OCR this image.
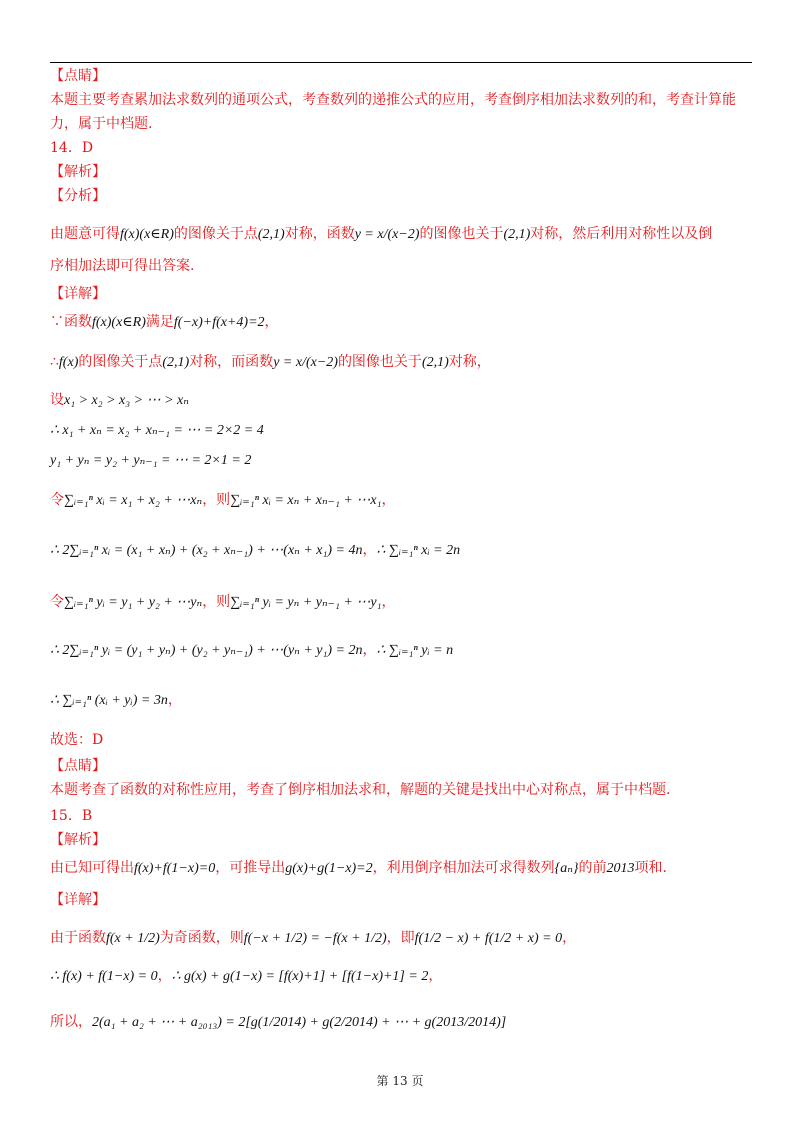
【点睛】
本题主要考查累加法求数列的通项公式，考查数列的递推公式的应用，考查倒序相加法求数列的和，考查计算能
力，属于中档题.
14．D
【解析】
【分析】
由题意可得f(x)(x∈R)的图像关于点(2,1)对称，函数y = x/(x−2)的图像也关于(2,1)对称，然后利用对称性以及倒
序相加法即可得出答案.
【详解】
∵函数f(x)(x∈R)满足f(−x)+f(x+4)=2，
∴f(x)的图像关于点(2,1)对称，而函数y = x/(x−2)的图像也关于(2,1)对称，
设x₁ > x₂ > x₃ > ⋯ > xₙ
∴ x₁ + xₙ = x₂ + xₙ₋₁ = ⋯ = 2×2 = 4
y₁ + yₙ = y₂ + yₙ₋₁ = ⋯ = 2×1 = 2
令∑ᵢ₌₁ⁿ xᵢ = x₁ + x₂ + ⋯xₙ，则∑ᵢ₌₁ⁿ xᵢ = xₙ + xₙ₋₁ + ⋯x₁，
∴ 2∑ᵢ₌₁ⁿ xᵢ = (x₁ + xₙ) + (x₂ + xₙ₋₁) + ⋯(xₙ + x₁) = 4n，∴ ∑ᵢ₌₁ⁿ xᵢ = 2n
令∑ᵢ₌₁ⁿ yᵢ = y₁ + y₂ + ⋯yₙ，则∑ᵢ₌₁ⁿ yᵢ = yₙ + yₙ₋₁ + ⋯y₁，
∴ 2∑ᵢ₌₁ⁿ yᵢ = (y₁ + yₙ) + (y₂ + yₙ₋₁) + ⋯(yₙ + y₁) = 2n，∴ ∑ᵢ₌₁ⁿ yᵢ = n
∴ ∑ᵢ₌₁ⁿ (xᵢ + yᵢ) = 3n，
故选：D
【点睛】
本题考查了函数的对称性应用，考查了倒序相加法求和，解题的关键是找出中心对称点，属于中档题.
15．B
【解析】
由已知可得出f(x)+f(1−x)=0，可推导出g(x)+g(1−x)=2，利用倒序相加法可求得数列{aₙ}的前2013项和.
【详解】
由于函数f(x + 1/2)为奇函数，则f(−x + 1/2) = −f(x + 1/2)，即f(1/2 − x) + f(1/2 + x) = 0，
∴ f(x) + f(1−x) = 0，∴ g(x) + g(1−x) = [f(x)+1] + [f(1−x)+1] = 2，
所以，2(a₁ + a₂ + ⋯ + a₂₀₁₃) = 2[g(1/2014) + g(2/2014) + ⋯ + g(2013/2014)]
第 13 页
